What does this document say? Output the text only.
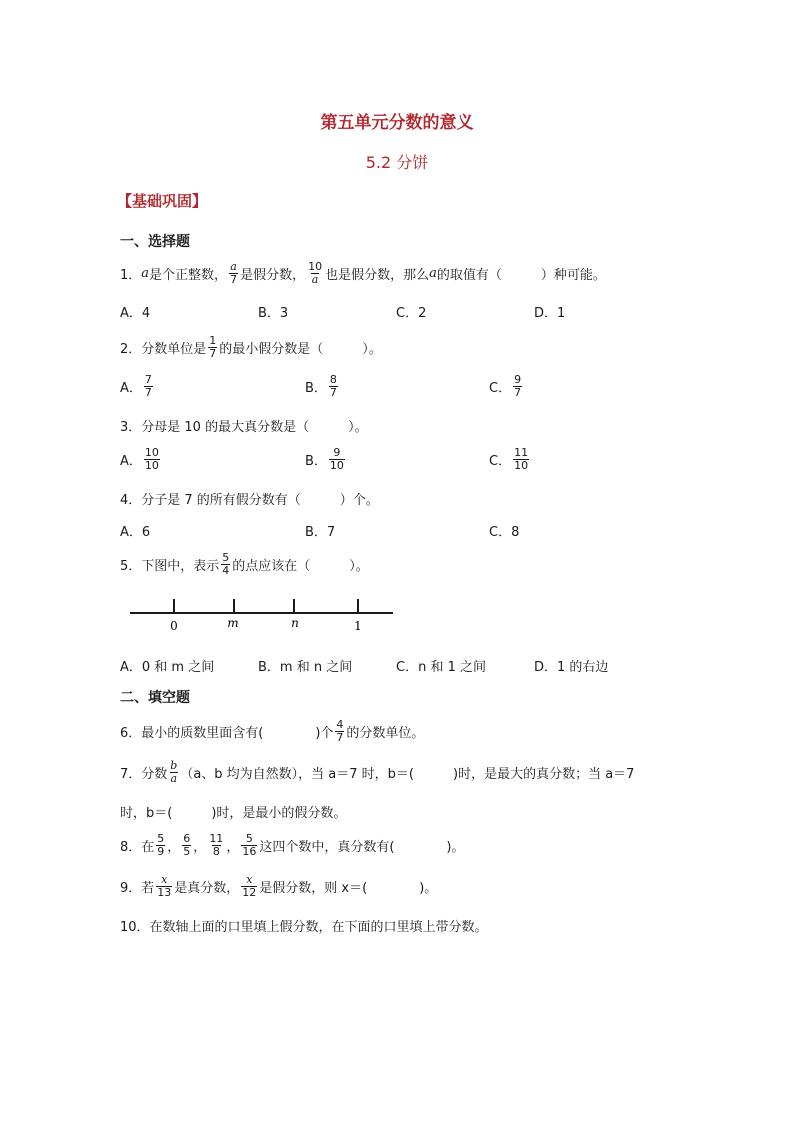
第五单元分数的意义
5.2 分饼
【基础巩固】
一、选择题
1． a 是个正整数， $\frac{a}{7}$ 是假分数， $\frac{10}{a}$ 也是假分数，那么 a 的取值有（　　　）种可能。
A．4	B．3	C．2	D．1
2．分数单位是 $\frac{1}{7}$ 的最小假分数是（　　　）。
A． $\frac{7}{7}$	B． $\frac{8}{7}$	C． $\frac{9}{7}$
3．分母是 10 的最大真分数是（　　　）。
A． $\frac{10}{10}$	B． $\frac{9}{10}$	C． $\frac{11}{10}$
4．分子是 7 的所有假分数有（　　　）个。
A．6	B．7	C．8
5．下图中，表示 $\frac{5}{4}$ 的点应该在（　　　）。
0	m	n	1
A．0 和 m 之间	B．m 和 n 之间	C．n 和 1 之间	D．1 的右边
二、填空题
6．最小的质数里面含有(　　　　)个 $\frac{4}{7}$ 的分数单位。
7．分数 $\frac{b}{a} (a$、b 均为自然数），当 a＝7 时，b＝(　　　)时，是最大的真分数；当 a＝7
时，b＝(　　　)时，是最小的假分数。
8．在 $\frac{5}{9}$ ， $\frac{6}{5}$ ， $\frac{11}{8}$ ， $\frac{5}{16}$ 这四个数中，真分数有(　　　　)。
9．若 $\frac{x}{13}$ 是真分数， $\frac{x}{12}$ 是假分数，则 x＝(　　　　)。
10．在数轴上面的口里填上假分数，在下面的口里填上带分数。
